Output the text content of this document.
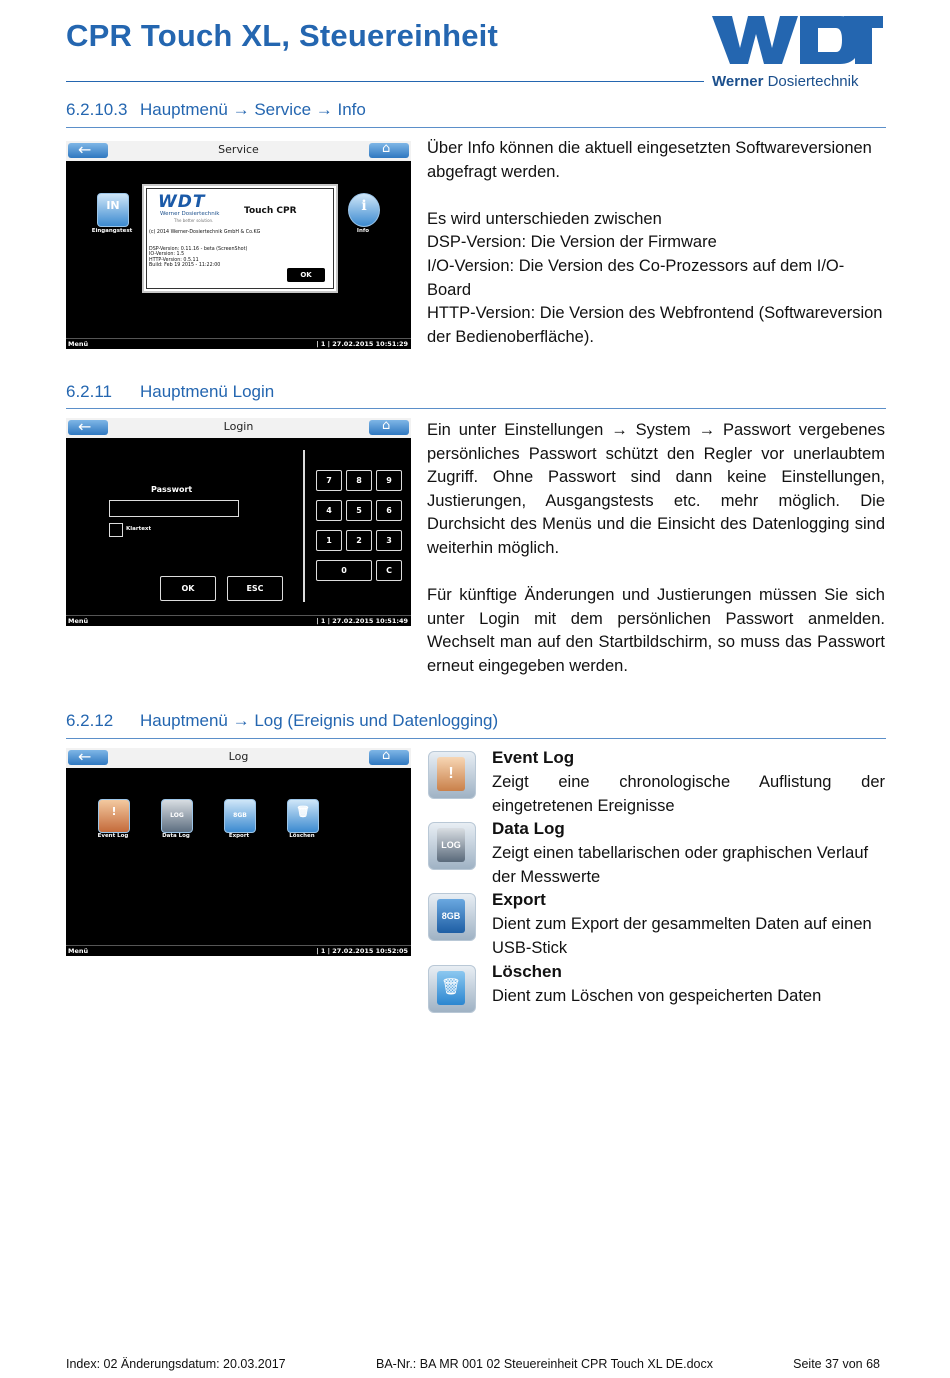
CPR Touch XL, Steuereinheit
Werner Dosiertechnik
6.2.10.3 Hauptmenü → Service → Info
←
Service
⌂
IN
Eingangstest
i
Info
WDT
Werner Dosiertechnik
The better solution.
Touch CPR
(c) 2014 Werner-Dosiertechnik GmbH & Co.KG
DSP-Version: 0.11.16 - beta (ScreenShot)
IO-Version: 1.5
HTTP-Version: 0.5.11
Build: Feb 19 2015 - 11:22:00
OK
Menü	| 1 | 27.02.2015 10:51:29

Über Info können die aktuell eingesetzten Softwareversionen abgefragt werden.

Es wird unterschieden zwischen

DSP-Version: Die Version der Firmware

I/O-Version: Die Version des Co-Prozessors auf dem I/O-Board

HTTP-Version: Die Version des Webfrontend (Softwareversion der Bedienoberfläche).

6.2.11 Hauptmenü Login
←
Login
⌂
Passwort
Klartext
OK	ESC
7	8	9
4	5	6
1	2	3
0	C
Menü	| 1 | 27.02.2015 10:51:49

Ein unter Einstellungen → System → Passwort vergebenes persönliches Passwort schützt den Regler vor unerlaubtem Zugriff. Ohne Passwort sind dann keine Einstellungen, Justierungen, Ausgangstests etc. mehr möglich. Die Durchsicht des Menüs und die Einsicht des Datenlogging sind weiterhin möglich.

Für künftige Änderungen und Justierungen müssen Sie sich unter Login mit dem persönlichen Passwort anmelden. Wechselt man auf den Startbildschirm, so muss das Passwort erneut eingegeben werden.

6.2.12 Hauptmenü → Log (Ereignis und Datenlogging)
←
Log
⌂
!
Event Log
LOG
Data Log
8GB
Export
🗑
Löschen
Menü	| 1 | 27.02.2015 10:52:05
!
Event Log
Zeigt eine chronologische Auflistung der
eingetretenen Ereignisse
LOG
Data Log
Zeigt einen tabellarischen oder graphischen Verlauf
der Messwerte
8GB
Export
Dient zum Export der gesammelten Daten auf einen
USB-Stick
🗑
Löschen
Dient zum Löschen von gespeicherten Daten
Index: 02 Änderungsdatum: 20.03.2017	BA-Nr.: BA MR 001 02 Steuereinheit CPR Touch XL DE.docx	Seite 37 von 68
